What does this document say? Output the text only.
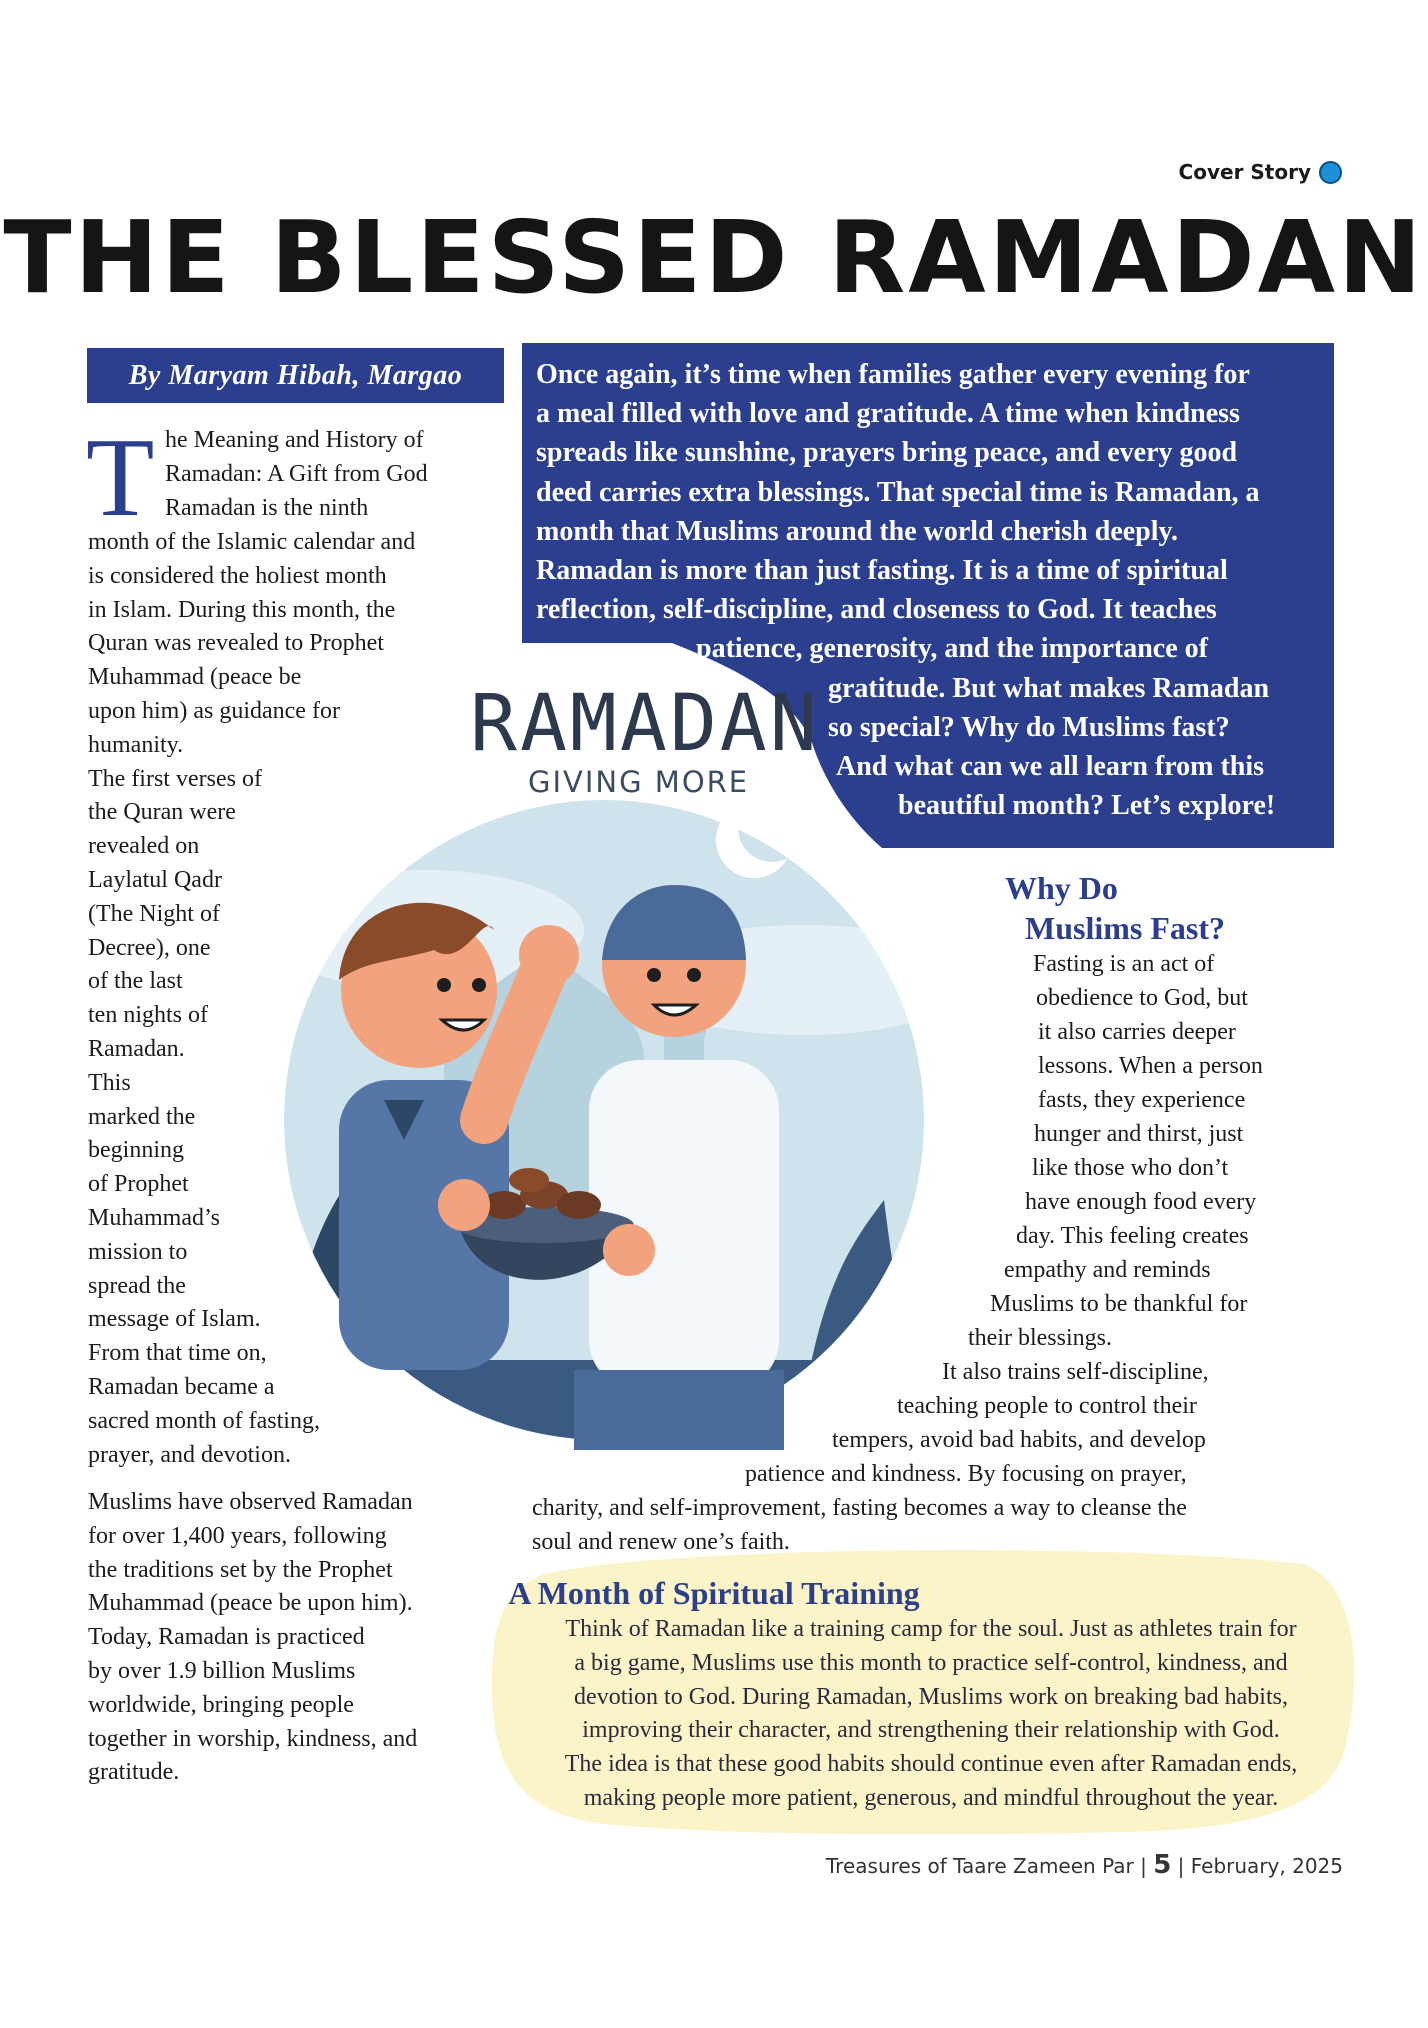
Cover Story
THE BLESSED RAMADAN
By Maryam Hibah, Margao	Once again, it’s time when families gather every evening for
a meal filled with love and gratitude. A time when kindness
spreads like sunshine, prayers bring peace, and every good
deed carries extra blessings. That special time is Ramadan, a
month that Muslims around the world cherish deeply.
Ramadan is more than just fasting. It is a time of spiritual
reflection, self-discipline, and closeness to God. It teaches
patience, generosity, and the importance of
gratitude. But what makes Ramadan
so special? Why do Muslims fast?
And what can we all learn from this
beautiful month? Let’s explore!
RAMADAN
GIVING MORE
T he Meaning and History of
Ramadan: A Gift from God
Ramadan is the ninth
month of the Islamic calendar and
is considered the holiest month
in Islam. During this month, the
Quran was revealed to Prophet
Muhammad (peace be
upon him) as guidance for
humanity.
The first verses of
the Quran were
revealed on
Laylatul Qadr
(The Night of
Decree), one
of the last
ten nights of
Ramadan.
This
marked the
beginning
of Prophet
Muhammad’s
mission to
spread the
message of Islam.
From that time on,
Ramadan became a
sacred month of fasting,
prayer, and devotion.
Muslims have observed Ramadan
for over 1,400 years, following
the traditions set by the Prophet
Muhammad (peace be upon him).
Today, Ramadan is practiced
by over 1.9 billion Muslims
worldwide, bringing people
together in worship, kindness, and
gratitude.
Why Do
Muslims Fast?
Fasting is an act of
obedience to God, but
it also carries deeper
lessons. When a person
fasts, they experience
hunger and thirst, just
like those who don’t
have enough food every
day. This feeling creates
empathy and reminds
Muslims to be thankful for
their blessings.
It also trains self-discipline,
teaching people to control their
tempers, avoid bad habits, and develop
patience and kindness. By focusing on prayer,
charity, and self-improvement, fasting becomes a way to cleanse the
soul and renew one’s faith.
A Month of Spiritual Training
Think of Ramadan like a training camp for the soul. Just as athletes train for
a big game, Muslims use this month to practice self-control, kindness, and
devotion to God. During Ramadan, Muslims work on breaking bad habits,
improving their character, and strengthening their relationship with God.
The idea is that these good habits should continue even after Ramadan ends,
making people more patient, generous, and mindful throughout the year.
Treasures of Taare Zameen Par | 5 | February, 2025
